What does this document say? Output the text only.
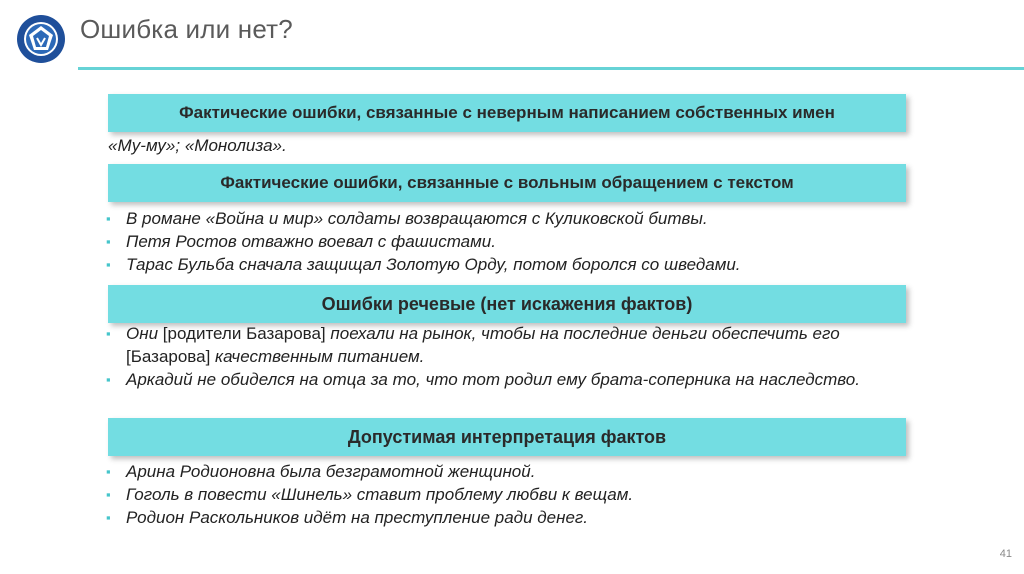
Ошибка или нет?
Фактические ошибки, связанные с неверным написанием собственных имен
«Му-му»; «Монолиза».
Фактические ошибки, связанные с вольным обращением с текстом
▪ В романе «Война и мир» солдаты возвращаются с Куликовской битвы.
▪ Петя Ростов отважно воевал с фашистами.
▪ Тарас Бульба сначала защищал Золотую Орду, потом боролся со шведами.
Ошибки речевые (нет искажения фактов)
▪ Они [родители Базарова] поехали на рынок, чтобы на последние деньги обеспечить его [Базарова] качественным питанием.
▪ Аркадий не обиделся на отца за то, что тот родил ему брата-соперника на наследство.
Допустимая интерпретация фактов
▪ Арина Родионовна была безграмотной женщиной.
▪ Гоголь в повести «Шинель» ставит проблему любви к вещам.
▪ Родион Раскольников идёт на преступление ради денег.
41
